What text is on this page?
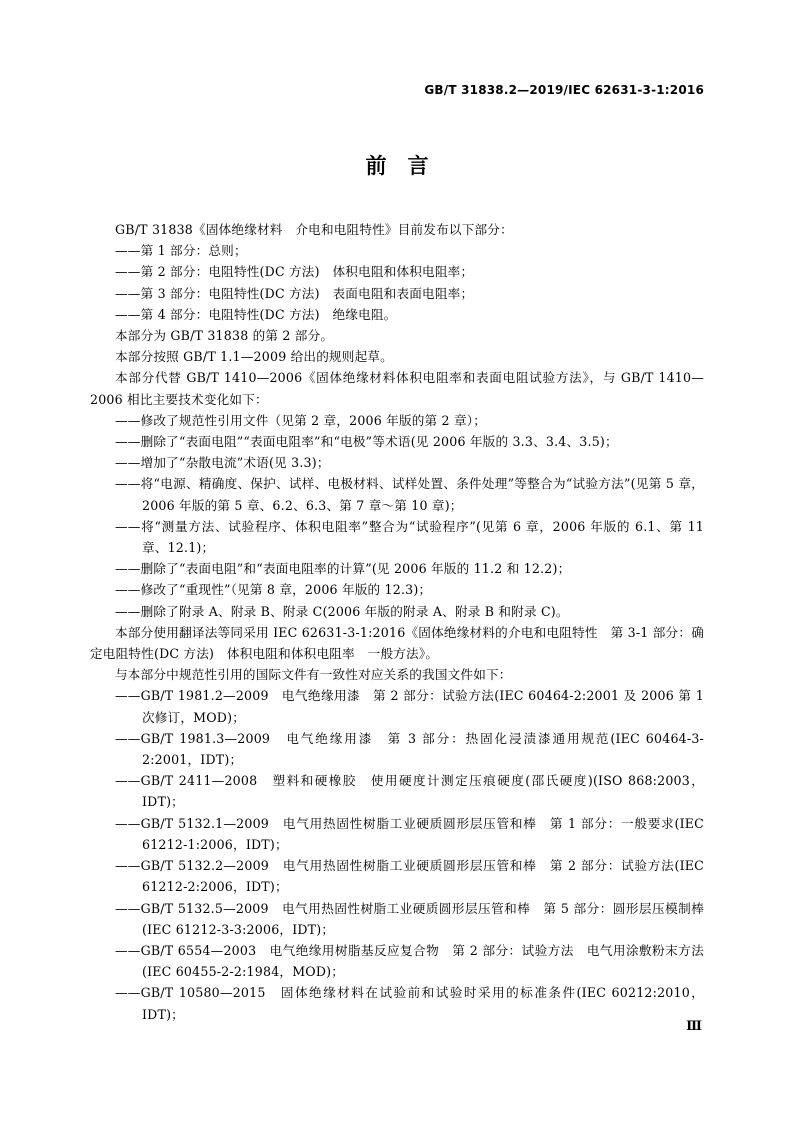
GB/T 31838.2—2019/IEC 62631-3-1:2016
前　言

GB/T 31838《固体绝缘材料　介电和电阻特性》目前发布以下部分：

——第 1 部分：总则；

——第 2 部分：电阻特性(DC 方法)　体积电阻和体积电阻率；

——第 3 部分：电阻特性(DC 方法)　表面电阻和表面电阻率；

——第 4 部分：电阻特性(DC 方法)　绝缘电阻。

本部分为 GB/T 31838 的第 2 部分。

本部分按照 GB/T 1.1—2009 给出的规则起草。

本部分代替 GB/T 1410—2006《固体绝缘材料体积电阻率和表面电阻试验方法》，与 GB/T 1410—2006 相比主要技术变化如下：

——修改了规范性引用文件（见第 2 章，2006 年版的第 2 章）；

——删除了“表面电阻”“表面电阻率”和“电极”等术语(见 2006 年版的 3.3、3.4、3.5)；

——增加了“杂散电流”术语(见 3.3)；

——将“电源、精确度、保护、试样、电极材料、试样处置、条件处理”等整合为“试验方法”(见第 5 章，2006 年版的第 5 章、6.2、6.3、第 7 章～第 10 章)；

——将“测量方法、试验程序、体积电阻率”整合为“试验程序”(见第 6 章，2006 年版的 6.1、第 11 章、12.1)；

——删除了“表面电阻”和“表面电阻率的计算”(见 2006 年版的 11.2 和 12.2)；

——修改了“重现性”（见第 8 章，2006 年版的 12.3)；

——删除了附录 A、附录 B、附录 C(2006 年版的附录 A、附录 B 和附录 C)。

本部分使用翻译法等同采用 IEC 62631-3-1:2016《固体绝缘材料的介电和电阻特性　第 3-1 部分：确定电阻特性(DC 方法)　体积电阻和体积电阻率　一般方法》。

与本部分中规范性引用的国际文件有一致性对应关系的我国文件如下：

——GB/T 1981.2—2009　电气绝缘用漆　第 2 部分：试验方法(IEC 60464-2:2001 及 2006 第 1 次修订，MOD)；

——GB/T 1981.3—2009　电气绝缘用漆　第 3 部分：热固化浸渍漆通用规范(IEC 60464-3-2:2001，IDT)；

——GB/T 2411—2008　塑料和硬橡胶　使用硬度计测定压痕硬度(邵氏硬度)(ISO 868:2003，IDT)；

——GB/T 5132.1—2009　电气用热固性树脂工业硬质圆形层压管和棒　第 1 部分：一般要求(IEC 61212-1:2006，IDT)；

——GB/T 5132.2—2009　电气用热固性树脂工业硬质圆形层压管和棒　第 2 部分：试验方法(IEC 61212-2:2006，IDT)；

——GB/T 5132.5—2009　电气用热固性树脂工业硬质圆形层压管和棒　第 5 部分：圆形层压模制棒(IEC 61212-3-3:2006，IDT)；

——GB/T 6554—2003　电气绝缘用树脂基反应复合物　第 2 部分：试验方法　电气用涂敷粉末方法(IEC 60455-2-2:1984，MOD)；

——GB/T 10580—2015　固体绝缘材料在试验前和试验时采用的标准条件(IEC 60212:2010，IDT)；

Ⅲ
